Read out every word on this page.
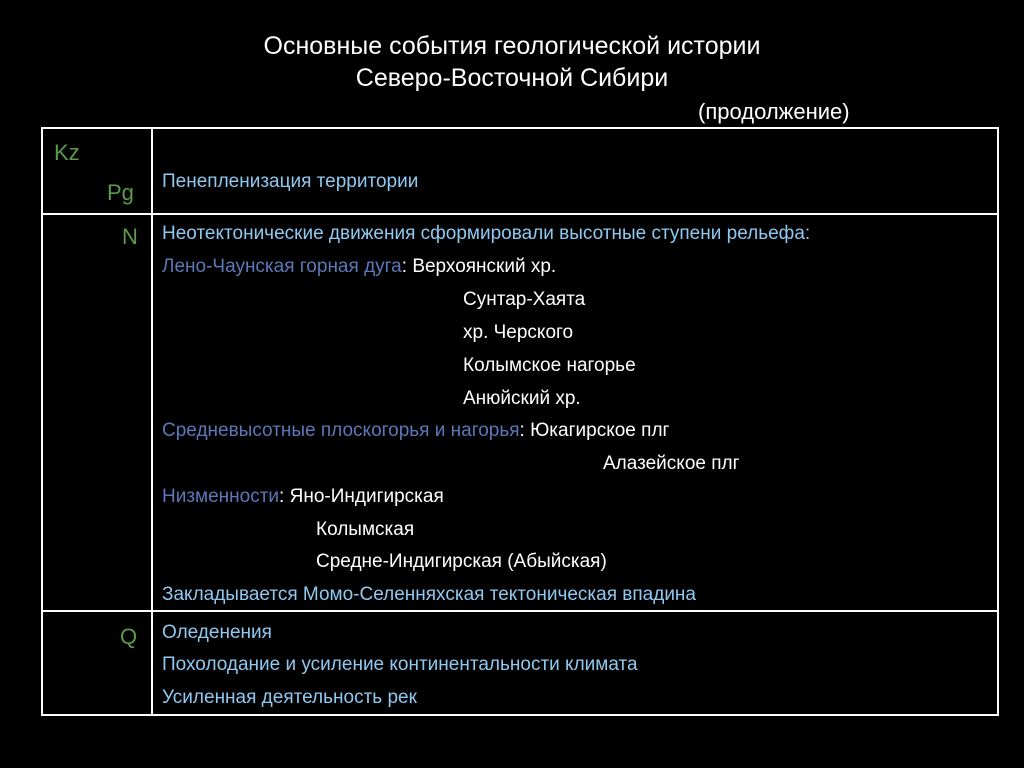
Основные события геологической истории
Северо-Восточной Сибири
(продолжение)
Kz
Pg Пенепленизация территории
N Неотектонические движения сформировали высотные ступени рельефа:
Лено-Чаунская горная дуга: Верхоянский хр.
Сунтар-Хаята
хр. Черского
Колымское нагорье
Анюйский хр.
Средневысотные плоскогорья и нагорья: Юкагирское плг
Алазейское плг
Низменности: Яно-Индигирская
Колымская
Средне-Индигирская (Абыйская)
Закладывается Момо-Селенняхская тектоническая впадина
Q Оледенения
Похолодание и усиление континентальности климата
Усиленная деятельность рек
